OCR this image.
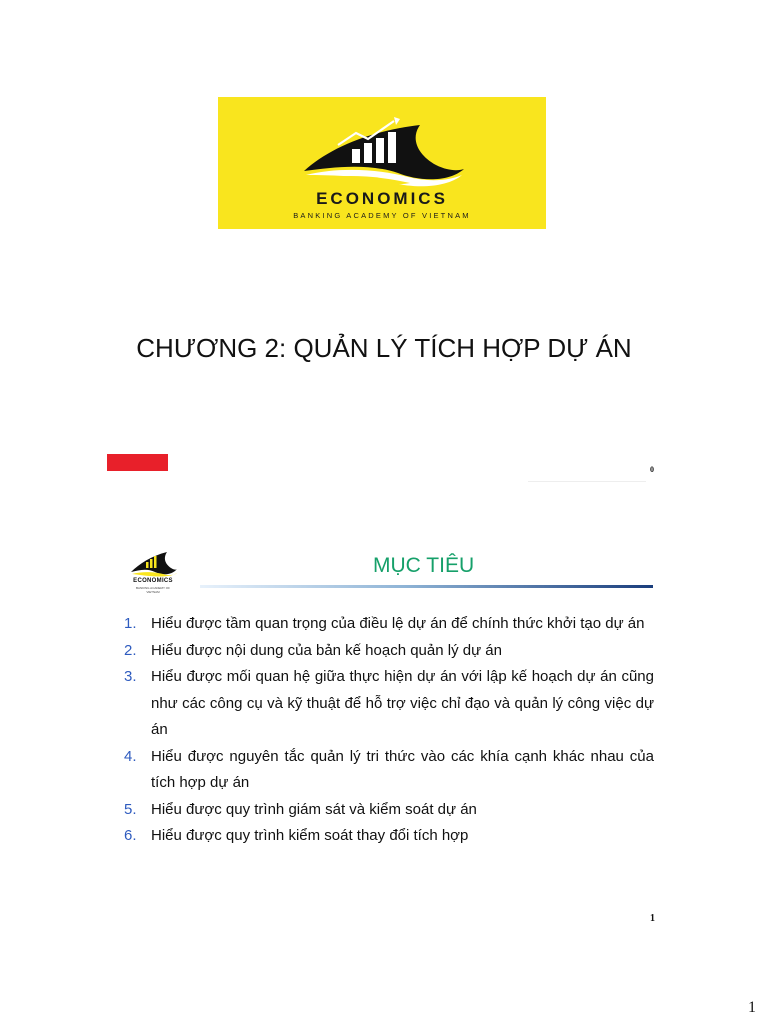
ECONOMICS
BANKING ACADEMY OF VIETNAM
CHƯƠNG 2: QUẢN LÝ TÍCH HỢP DỰ ÁN
0
ECONOMICS
BANKING ACADEMY OF VIETNAM
MỤC TIÊU
1. Hiểu được tầm quan trọng của điều lệ dự án để chính thức khởi tạo dự án
2. Hiểu được nội dung của bản kế hoạch quản lý dự án
3. Hiểu được mối quan hệ giữa thực hiện dự án với lập kế hoạch dự án cũng như các công cụ và kỹ thuật để hỗ trợ việc chỉ đạo và quản lý công việc dự án
4. Hiểu được nguyên tắc quản lý tri thức vào các khía cạnh khác nhau của tích hợp dự án
5. Hiểu được quy trình giám sát và kiểm soát dự án
6. Hiểu được quy trình kiểm soát thay đổi tích hợp
1
1
